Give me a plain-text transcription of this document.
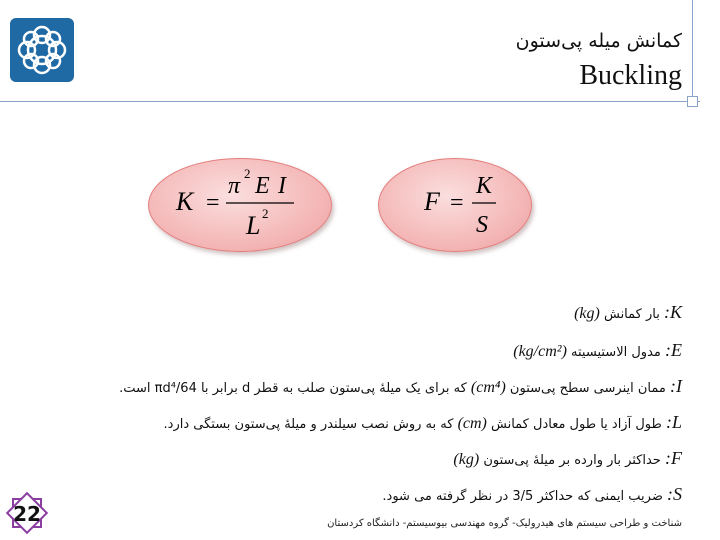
کمانش میله پی‌ستون
Buckling
K =
π 2 E I
L 2	F =
K
S
K: بار کمانش (kg)
E: مدول الاستیسیته (kg/cm²)
I: ممان اینرسی سطح پی‌ستون (cm⁴) که برای یک میلهٔ پی‌ستون صلب به قطر d برابر با πd⁴/64 است.
L: طول آزاد یا طول معادل کمانش (cm) که به روش نصب سیلندر و میلهٔ پی‌ستون بستگی دارد.
F: حداکثر بار وارده بر میلهٔ پی‌ستون (kg)
S: ضریب ایمنی که حداکثر 3/5 در نظر گرفته می شود.
22	شناخت و طراحی سیستم های هیدرولیک- گروه مهندسی بیوسیستم- دانشگاه کردستان
